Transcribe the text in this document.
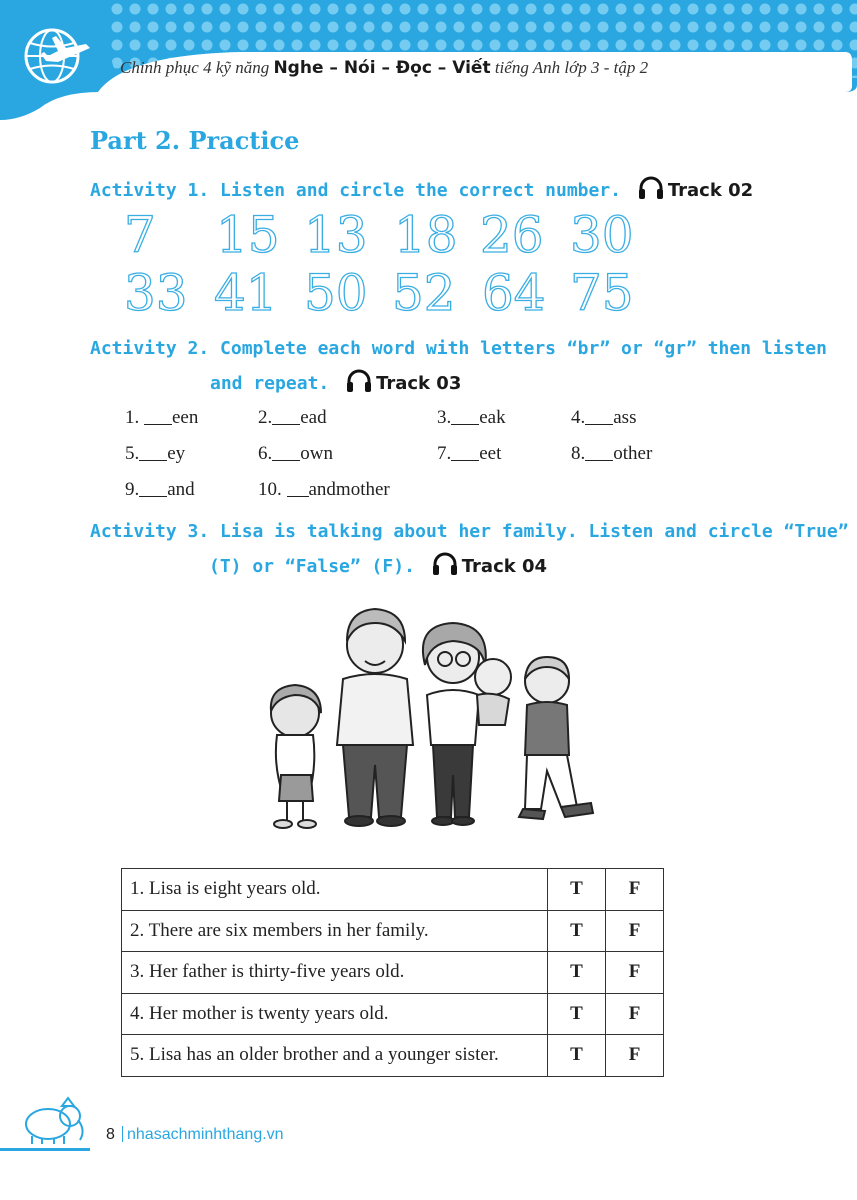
Chinh phục 4 kỹ năng Nghe – Nói – Đọc – Viết tiếng Anh lớp 3 - tập 2
Part 2. Practice
Activity 1. Listen and circle the correct number.	Track 02
7 15 13 18 26 30
33 41 50 52 64 75
Activity 2. Complete each word with letters “br” or “gr” then listen
and repeat.	Track 03
1. een	2. ead	3. eak	4. ass
5. ey	6. own	7. eet	8. other
9. and	10. andmother
Activity 3. Lisa is talking about her family. Listen and circle “True”
(T) or “False” (F).	Track 04
1. Lisa is eight years old.	T	F
2. There are six members in her family.	T	F
3. Her father is thirty-five years old.	T	F
4. Her mother is twenty years old.	T	F
5. Lisa has an older brother and a younger sister.	T	F
8 nhasachminhthang.vn
